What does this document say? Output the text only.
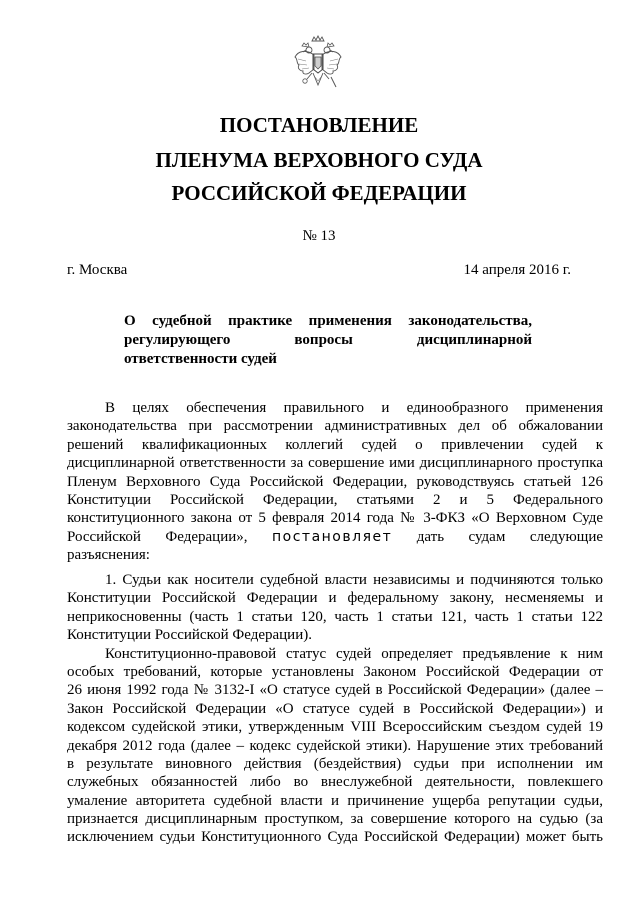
ПОСТАНОВЛЕНИЕ
ПЛЕНУМА ВЕРХОВНОГО СУДА
РОССИЙСКОЙ ФЕДЕРАЦИИ
№ 13
г. Москва	14 апреля 2016 г.
О судебной практике применения законодательства,
регулирующего вопросы дисциплинарной
ответственности судей
В целях обеспечения правильного и единообразного применения
законодательства при рассмотрении административных дел об обжаловании
решений квалификационных коллегий судей о привлечении судей к
дисциплинарной ответственности за совершение ими дисциплинарного проступка
Пленум Верховного Суда Российской Федерации, руководствуясь статьей 126
Конституции Российской Федерации, статьями 2 и 5 Федерального
конституционного закона от 5 февраля 2014 года № 3-ФКЗ «О Верховном Суде
Российской Федерации», постановляет дать судам следующие
разъяснения:
1. Судьи как носители судебной власти независимы и подчиняются только
Конституции Российской Федерации и федеральному закону, несменяемы и
неприкосновенны (часть 1 статьи 120, часть 1 статьи 121, часть 1 статьи 122
Конституции Российской Федерации).
Конституционно-правовой статус судей определяет предъявление к ним
особых требований, которые установлены Законом Российской Федерации от
26 июня 1992 года № 3132-I «О статусе судей в Российской Федерации» (далее –
Закон Российской Федерации «О статусе судей в Российской Федерации») и
кодексом судейской этики, утвержденным VIII Всероссийским съездом судей 19
декабря 2012 года (далее – кодекс судейской этики). Нарушение этих требований
в результате виновного действия (бездействия) судьи при исполнении им
служебных обязанностей либо во внеслужебной деятельности, повлекшего
умаление авторитета судебной власти и причинение ущерба репутации судьи,
признается дисциплинарным проступком, за совершение которого на судью (за
исключением судьи Конституционного Суда Российской Федерации) может быть
